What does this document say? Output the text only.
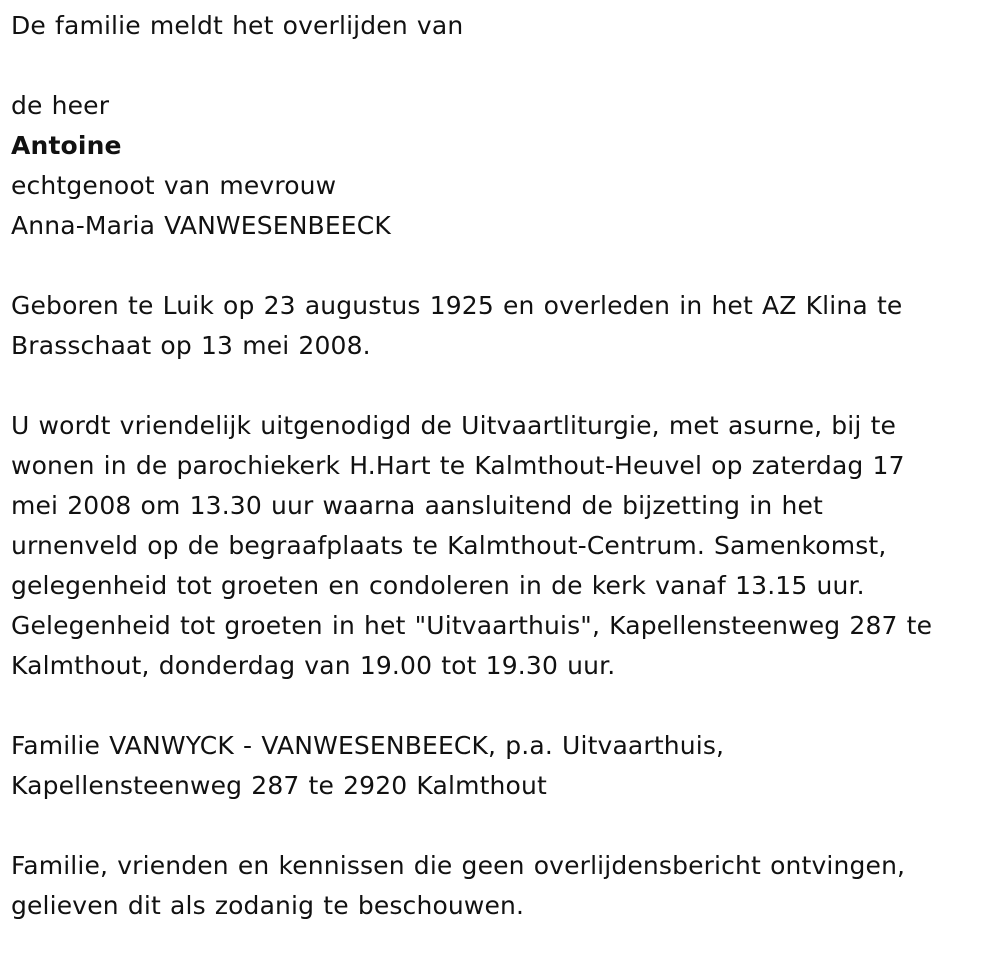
De familie meldt het overlijden van

de heer

Antoine

echtgenoot van mevrouw

Anna-Maria VANWESENBEECK

Geboren te Luik op 23 augustus 1925 en overleden in het AZ Klina te

Brasschaat op 13 mei 2008.

U wordt vriendelijk uitgenodigd de Uitvaartliturgie, met asurne, bij te

wonen in de parochiekerk H.Hart te Kalmthout-Heuvel op zaterdag 17

mei 2008 om 13.30 uur waarna aansluitend de bijzetting in het

urnenveld op de begraafplaats te Kalmthout-Centrum. Samenkomst,

gelegenheid tot groeten en condoleren in de kerk vanaf 13.15 uur.

Gelegenheid tot groeten in het "Uitvaarthuis", Kapellensteenweg 287 te

Kalmthout, donderdag van 19.00 tot 19.30 uur.

Familie VANWYCK - VANWESENBEECK, p.a. Uitvaarthuis,

Kapellensteenweg 287 te 2920 Kalmthout

Familie, vrienden en kennissen die geen overlijdensbericht ontvingen,

gelieven dit als zodanig te beschouwen.
